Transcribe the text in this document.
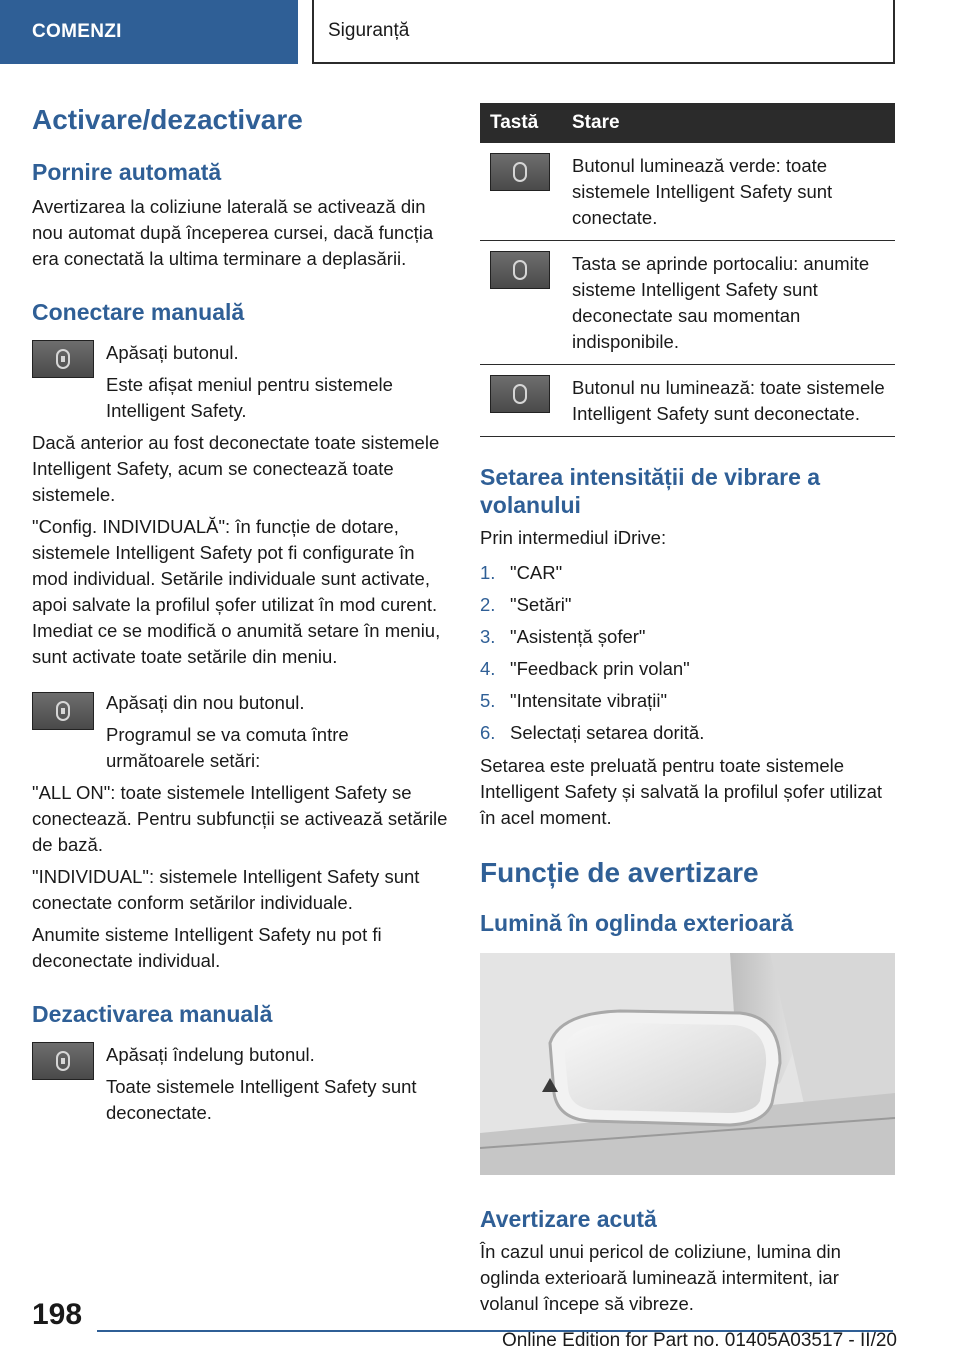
COMENZI	Siguranță
Activare/dezactivare
Pornire automată

Avertizarea la coliziune laterală se activează din nou automat după începerea cursei, dacă funcția era conectată la ultima terminare a deplasării.

Conectare manuală

Apăsați butonul.

Este afișat meniul pentru sistemele Intelligent Safety.

Dacă anterior au fost deconectate toate sistemele Intelligent Safety, acum se conectează toate sistemele.

"Config. INDIVIDUALĂ": în funcție de dotare, sistemele Intelligent Safety pot fi configurate în mod individual. Setările individuale sunt activate, apoi salvate la profilul șofer utilizat în mod curent. Imediat ce se modifică o anumită setare în meniu, sunt activate toate setările din meniu.

Apăsați din nou butonul.

Programul se va comuta între următoarele setări:

"ALL ON": toate sistemele Intelligent Safety se conectează. Pentru subfuncții se activează setările de bază.

"INDIVIDUAL": sistemele Intelligent Safety sunt conectate conform setărilor individuale.

Anumite sisteme Intelligent Safety nu pot fi deconectate individual.

Dezactivarea manuală

Apăsați îndelung butonul.

Toate sistemele Intelligent Safety sunt deconectate.

Tastă	Stare

	Butonul luminează verde: toate sistemele Intelligent Safety sunt conectate.

	Tasta se aprinde portocaliu: anumite sisteme Intelligent Safety sunt deconectate sau momentan indisponibile.

	Butonul nu luminează: toate sistemele Intelligent Safety sunt deconectate.
Setarea intensității de vibrare a volanului

Prin intermediul iDrive:

1. "CAR"
2. "Setări"
3. "Asistență șofer"
4. "Feedback prin volan"
5. "Intensitate vibrații"
6. Selectați setarea dorită.

Setarea este preluată pentru toate sistemele Intelligent Safety și salvată la profilul șofer utilizat în acel moment.

Funcție de avertizare
Lumină în oglinda exterioară
Avertizare acută

În cazul unui pericol de coliziune, lumina din oglinda exterioară luminează intermitent, iar volanul începe să vibreze.

198
Online Edition for Part no. 01405A03517 - II/20
